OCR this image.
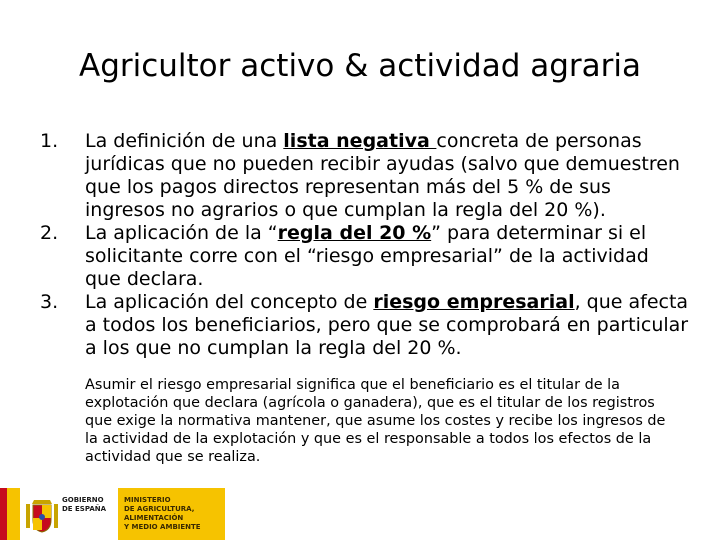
Agricultor activo & actividad agraria
1. La definición de una lista negativa concreta de personas jurídicas que no pueden recibir ayudas (salvo que demuestren que los pagos directos representan más del 5 % de sus ingresos no agrarios o que cumplan la regla del 20 %).
2. La aplicación de la “regla del 20 %” para determinar si el solicitante corre con el “riesgo empresarial” de la actividad que declara.
3. La aplicación del concepto de riesgo empresarial, que afecta a todos los beneficiarios, pero que se comprobará en particular a los que no cumplan la regla del 20 %.
Asumir el riesgo empresarial significa que el beneficiario es el titular de la explotación que declara (agrícola o ganadera), que es el titular de los registros que exige la normativa mantener, que asume los costes y recibe los ingresos de la actividad de la explotación y que es el responsable a todos los efectos de la actividad que se realiza.
GOBIERNO
DE ESPAÑA
MINISTERIO
DE AGRICULTURA, ALIMENTACIÓN
Y MEDIO AMBIENTE
